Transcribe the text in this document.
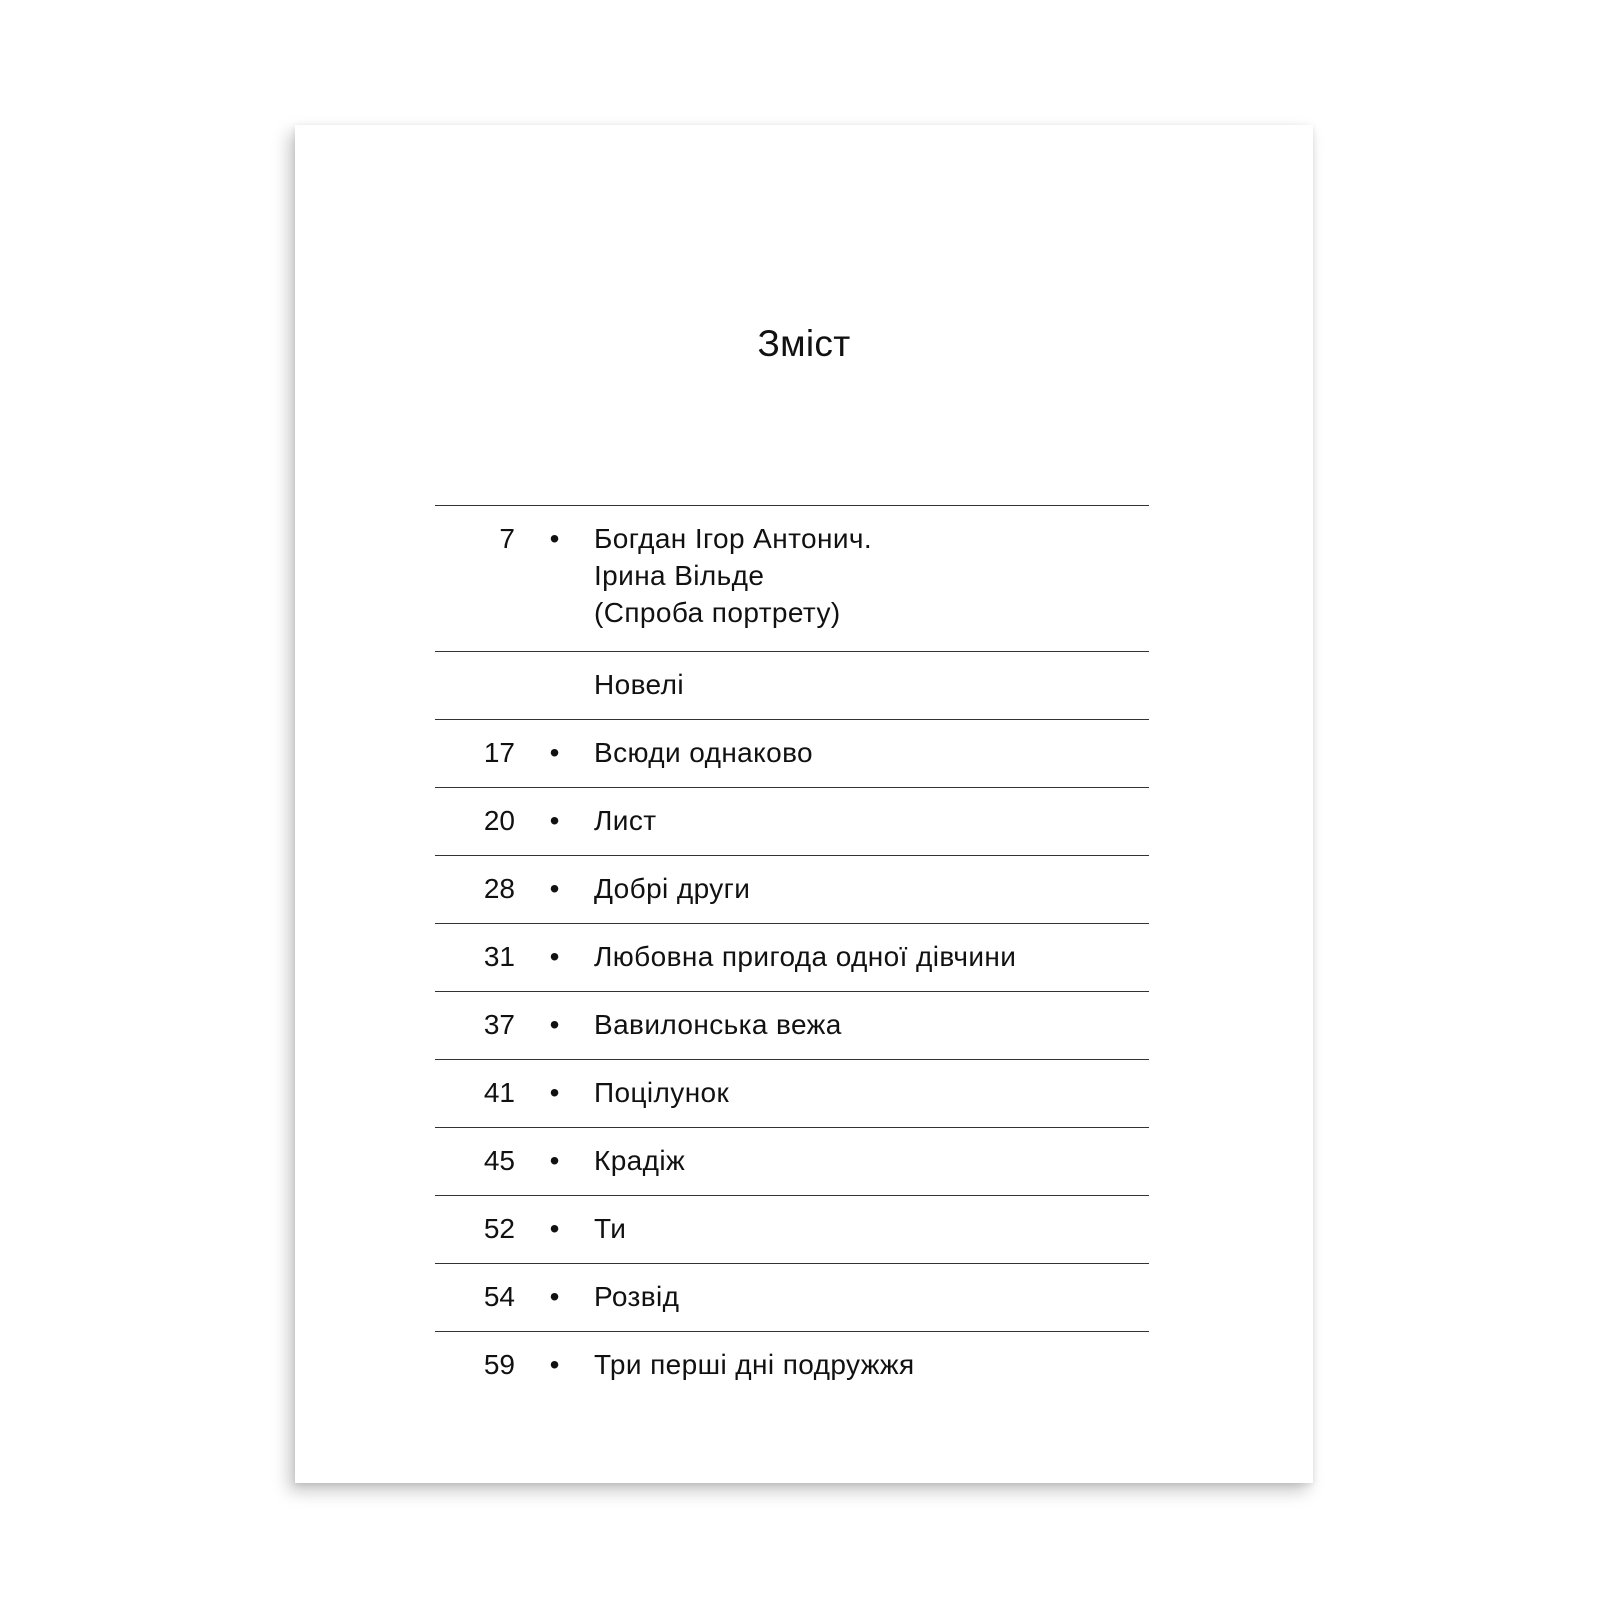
Зміст
7	•	Богдан Ігор Антонич.
Ірина Вільде
(Спроба портрету)
Новелі
17	•	Всюди однаково
20	•	Лист
28	•	Добрі други
31	•	Любовна пригода одної дівчини
37	•	Вавилонська вежа
41	•	Поцілунок
45	•	Крадіж
52	•	Ти
54	•	Розвід
59	•	Три перші дні подружжя
